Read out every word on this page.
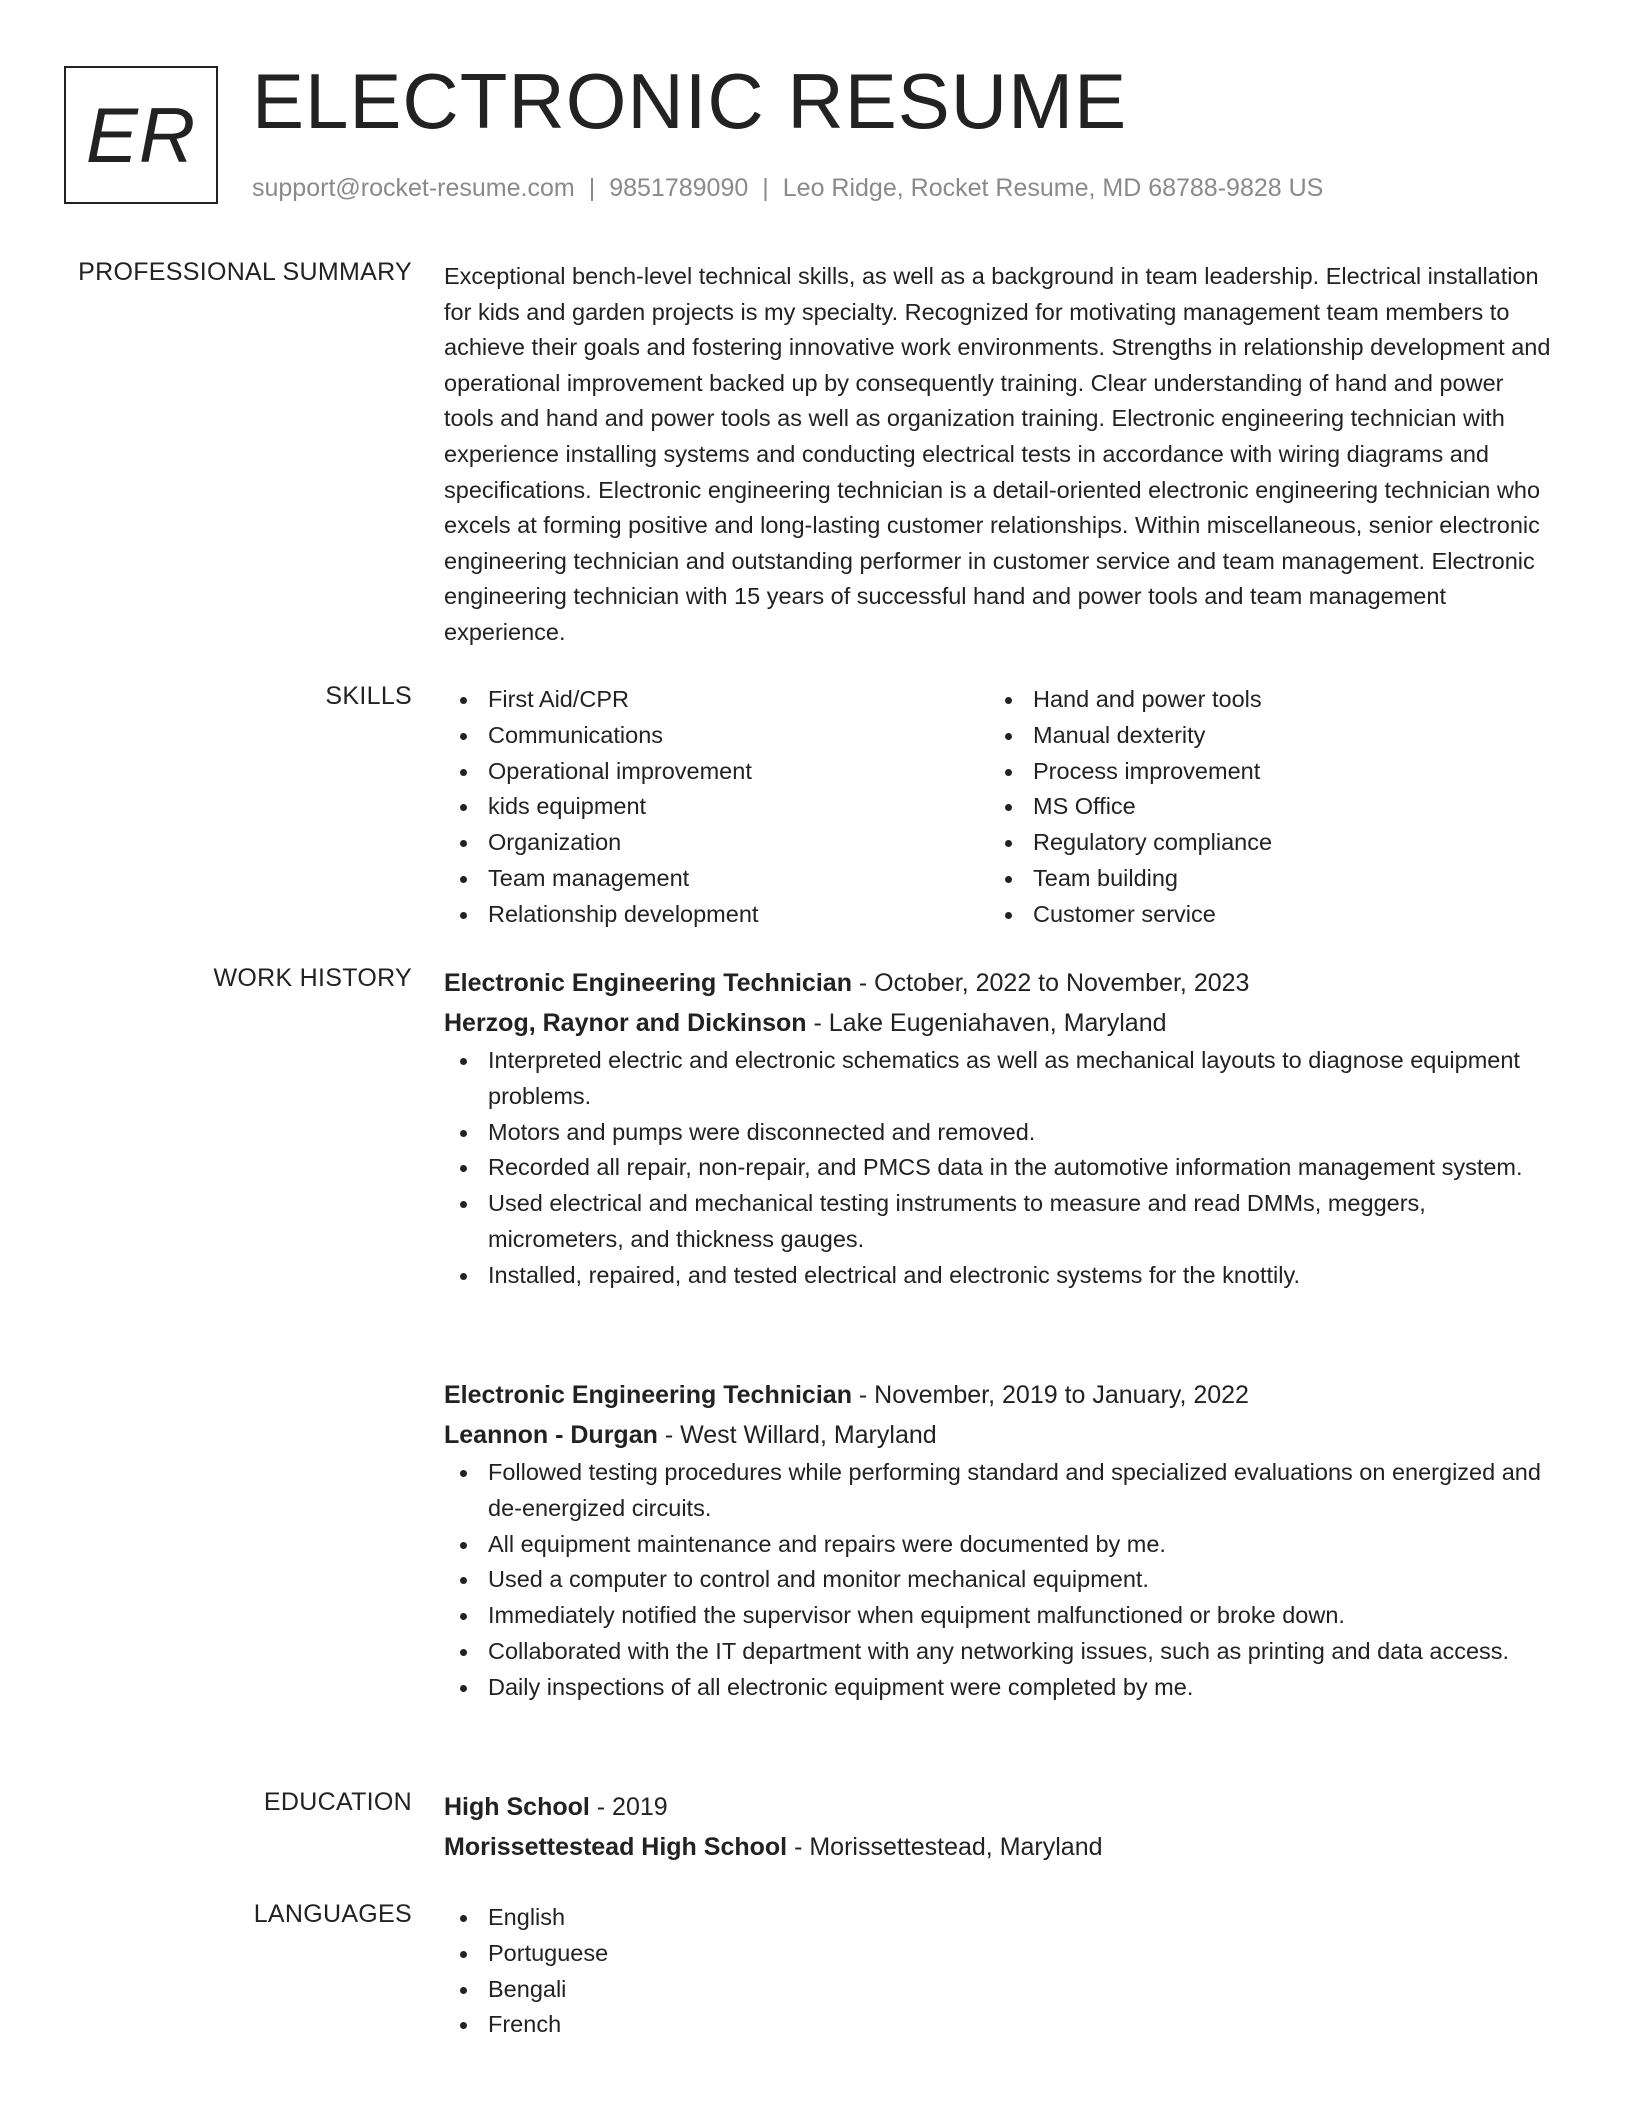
ER ELECTRONIC RESUME
support@rocket-resume.com | 9851789090 | Leo Ridge, Rocket Resume, MD 68788-9828 US
PROFESSIONAL SUMMARY Exceptional bench-level technical skills, as well as a background in team leadership. Electrical installation for kids and garden projects is my specialty. Recognized for motivating management team members to achieve their goals and fostering innovative work environments. Strengths in relationship development and operational improvement backed up by consequently training. Clear understanding of hand and power tools and hand and power tools as well as organization training. Electronic engineering technician with experience installing systems and conducting electrical tests in accordance with wiring diagrams and specifications. Electronic engineering technician is a detail-oriented electronic engineering technician who excels at forming positive and long-lasting customer relationships. Within miscellaneous, senior electronic engineering technician and outstanding performer in customer service and team management. Electronic engineering technician with 15 years of successful hand and power tools and team management experience.

SKILLS	First Aid/CPR
Communications
Operational improvement
kids equipment
Organization
Team management
Relationship development
Hand and power tools
Manual dexterity
Process improvement
MS Office
Regulatory compliance
Team building
Customer service
WORK HISTORY Electronic Engineering Technician - October, 2022 to November, 2023
Herzog, Raynor and Dickinson - Lake Eugeniahaven, Maryland
Interpreted electric and electronic schematics as well as mechanical layouts to diagnose equipment problems.
Motors and pumps were disconnected and removed.
Recorded all repair, non-repair, and PMCS data in the automotive information management system.
Used electrical and mechanical testing instruments to measure and read DMMs, meggers, micrometers, and thickness gauges.
Installed, repaired, and tested electrical and electronic systems for the knottily.
Electronic Engineering Technician - November, 2019 to January, 2022
Leannon - Durgan - West Willard, Maryland
Followed testing procedures while performing standard and specialized evaluations on energized and de-energized circuits.
All equipment maintenance and repairs were documented by me.
Used a computer to control and monitor mechanical equipment.
Immediately notified the supervisor when equipment malfunctioned or broke down.
Collaborated with the IT department with any networking issues, such as printing and data access.
Daily inspections of all electronic equipment were completed by me.
EDUCATION High School - 2019
Morissettestead High School - Morissettestead, Maryland
LANGUAGES	English
Portuguese
Bengali
French
